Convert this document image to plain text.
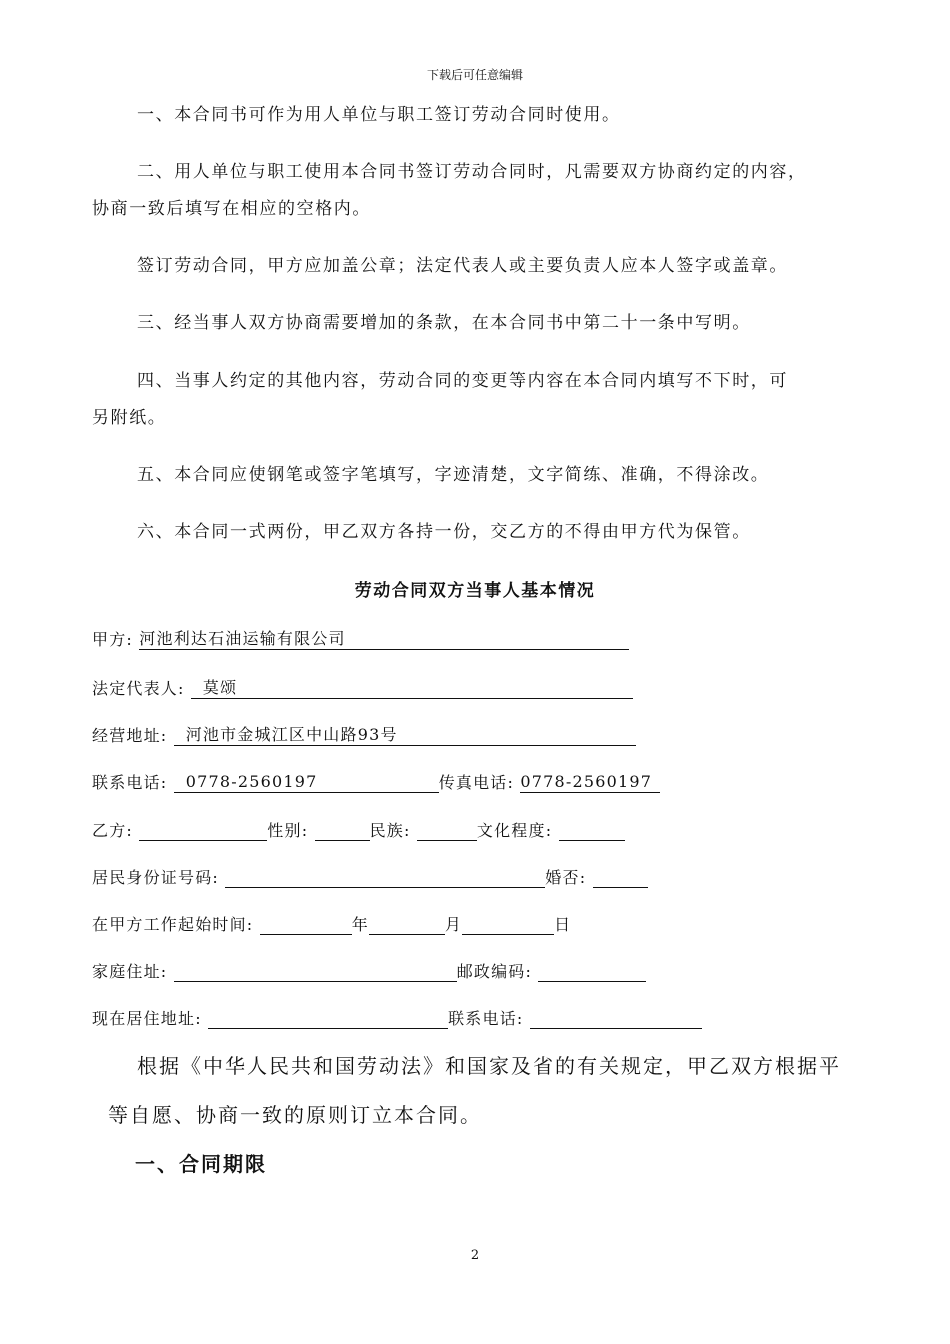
下载后可任意编辑
一、本合同书可作为用人单位与职工签订劳动合同时使用。
二、用人单位与职工使用本合同书签订劳动合同时，凡需要双方协商约定的内容，
协商一致后填写在相应的空格内。
签订劳动合同，甲方应加盖公章；法定代表人或主要负责人应本人签字或盖章。
三、经当事人双方协商需要增加的条款，在本合同书中第二十一条中写明。
四、当事人约定的其他内容，劳动合同的变更等内容在本合同内填写不下时，可
另附纸。
五、本合同应使钢笔或签字笔填写，字迹清楚，文字简练、准确，不得涂改。
六、本合同一式两份，甲乙双方各持一份，交乙方的不得由甲方代为保管。
劳动合同双方当事人基本情况
甲方: 河池利达石油运输有限公司
法定代表人: 莫颂
经营地址: 河池市金城江区中山路93号
联系电话: 0778-2560197	传真电话: 0778-2560197
乙方:	性别:	民族:	文化程度:
居民身份证号码:	婚否:
在甲方工作起始时间:	年	月	日
家庭住址:	邮政编码:
现在居住地址:	联系电话:
根据《中华人民共和国劳动法》和国家及省的有关规定，甲乙双方根据平
等自愿、协商一致的原则订立本合同。
一、合同期限
2
